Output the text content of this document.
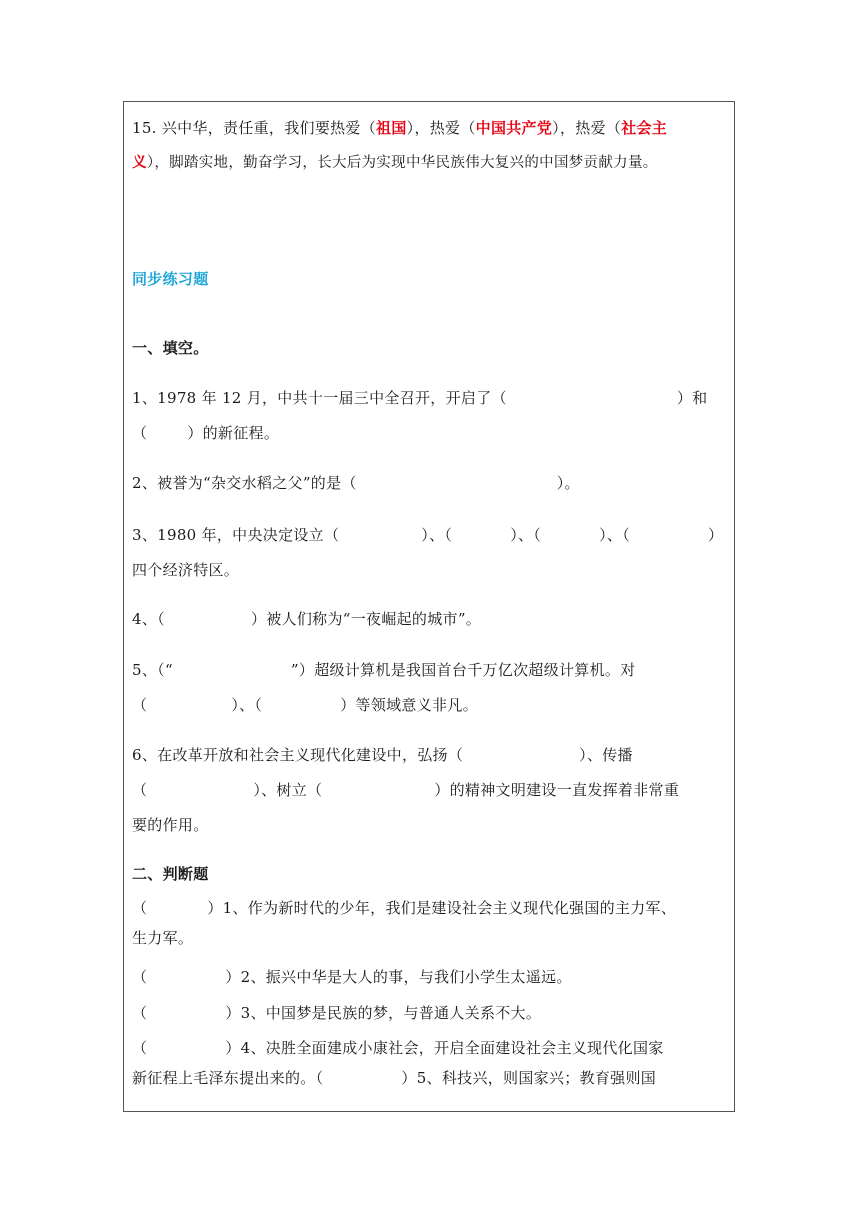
15. 兴中华，责任重，我们要热爱（祖国），热爱（中国共产党），热爱（社会主
义），脚踏实地，勤奋学习，长大后为实现中华民族伟大复兴的中国梦贡献力量。
同步练习题
一、填空。
1、1978 年 12 月，中共十一届三中全召开，开启了（	）和
（	）的新征程。
2、被誉为“杂交水稻之父”的是（	）。
3、1980 年，中央决定设立（	）、（	）、（	）、（	）
四个经济特区。
4、（	）被人们称为“一夜崛起的城市”。
5、（“	”）超级计算机是我国首台千万亿次超级计算机。对
（	）、（	）等领域意义非凡。
6、在改革开放和社会主义现代化建设中，弘扬（	）、传播
（	）、树立（	）的精神文明建设一直发挥着非常重
要的作用。
二、判断题
（	）1、作为新时代的少年，我们是建设社会主义现代化强国的主力军、
生力军。
（	）2、振兴中华是大人的事，与我们小学生太遥远。
（	）3、中国梦是民族的梦，与普通人关系不大。
（	）4、决胜全面建成小康社会，开启全面建设社会主义现代化国家
新征程上毛泽东提出来的。（	）5、科技兴，则国家兴；教育强则国
